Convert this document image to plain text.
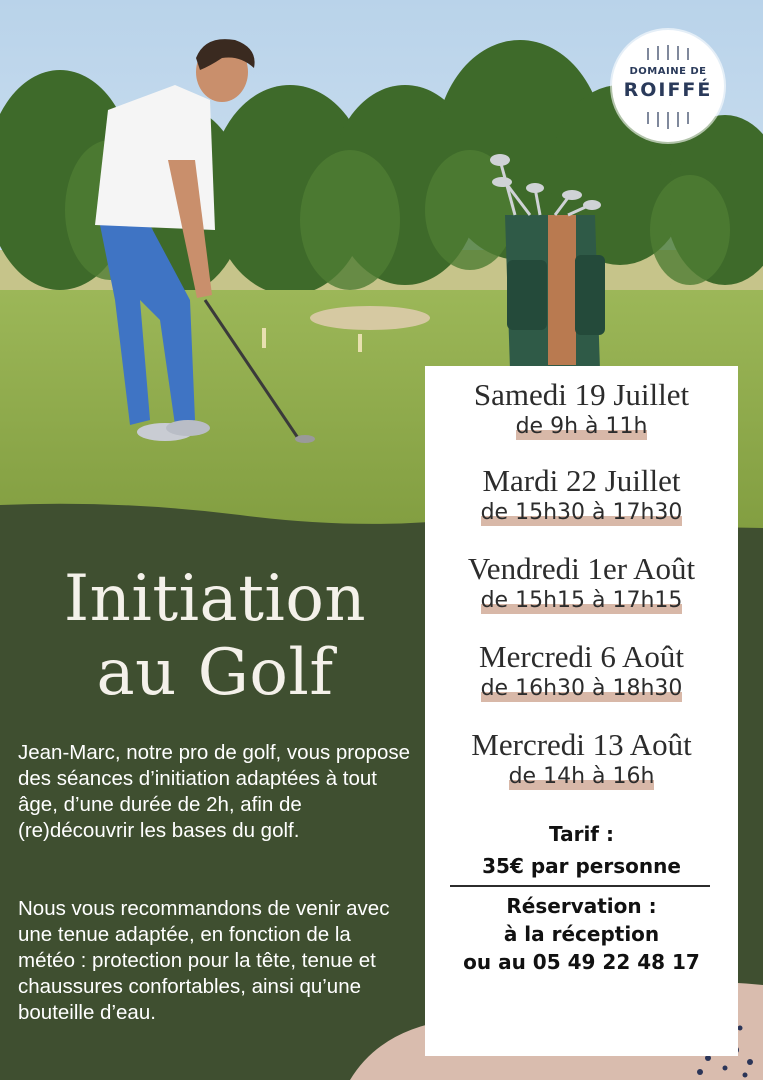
DOMAINE DE
ROIFFÉ
Initiation
au Golf
Jean-Marc, notre pro de golf, vous propose des séances d’initiation adaptées à tout âge, d’une durée de 2h, afin de (re)découvrir les bases du golf.
Nous vous recommandons de venir avec une tenue adaptée, en fonction de la météo : protection pour la tête, tenue et chaussures confortables, ainsi qu’une bouteille d’eau.
Samedi 19 Juillet
de 9h à 11h
Mardi 22 Juillet
de 15h30 à 17h30
Vendredi 1er Août
de 15h15 à 17h15
Mercredi 6 Août
de 16h30 à 18h30
Mercredi 13 Août
de 14h à 16h
Tarif :
35€ par personne
Réservation :
à la réception
ou au 05 49 22 48 17
